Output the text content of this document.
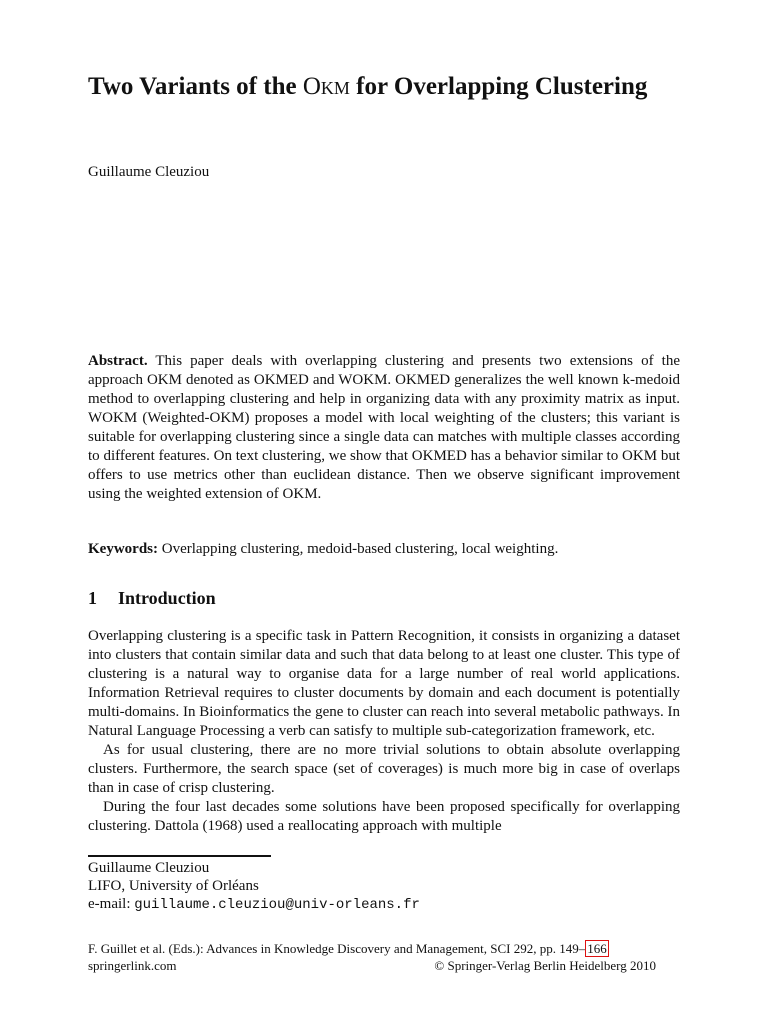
Two Variants of the Okm for Overlapping Clustering

Guillaume Cleuziou

Abstract. This paper deals with overlapping clustering and presents two extensions of the approach OKM denoted as OKMED and WOKM. OKMED generalizes the well known k-medoid method to overlapping clustering and help in organizing data with any proximity matrix as input. WOKM (Weighted-OKM) proposes a model with local weighting of the clusters; this variant is suitable for overlapping clustering since a single data can matches with multiple classes according to different features. On text clustering, we show that OKMED has a behavior similar to OKM but offers to use metrics other than euclidean distance. Then we observe significant improvement using the weighted extension of OKM.

Keywords: Overlapping clustering, medoid-based clustering, local weighting.

1 Introduction

Overlapping clustering is a specific task in Pattern Recognition, it consists in organizing a dataset into clusters that contain similar data and such that data belong to at least one cluster. This type of clustering is a natural way to organise data for a large number of real world applications. Information Retrieval requires to cluster documents by domain and each document is potentially multi-domains. In Bioinformatics the gene to cluster can reach into several metabolic pathways. In Natural Language Processing a verb can satisfy to multiple sub-categorization framework, etc.

As for usual clustering, there are no more trivial solutions to obtain absolute overlapping clusters. Furthermore, the search space (set of coverages) is much more big in case of overlaps than in case of crisp clustering.

During the four last decades some solutions have been proposed specifically for overlapping clustering. Dattola (1968) used a reallocating approach with multiple

Guillaume Cleuziou
LIFO, University of Orléans
e-mail: guillaume.cleuziou@univ-orleans.fr
F. Guillet et al. (Eds.): Advances in Knowledge Discovery and Management, SCI 292, pp. 149– 166
springerlink.com	© Springer-Verlag Berlin Heidelberg 2010
